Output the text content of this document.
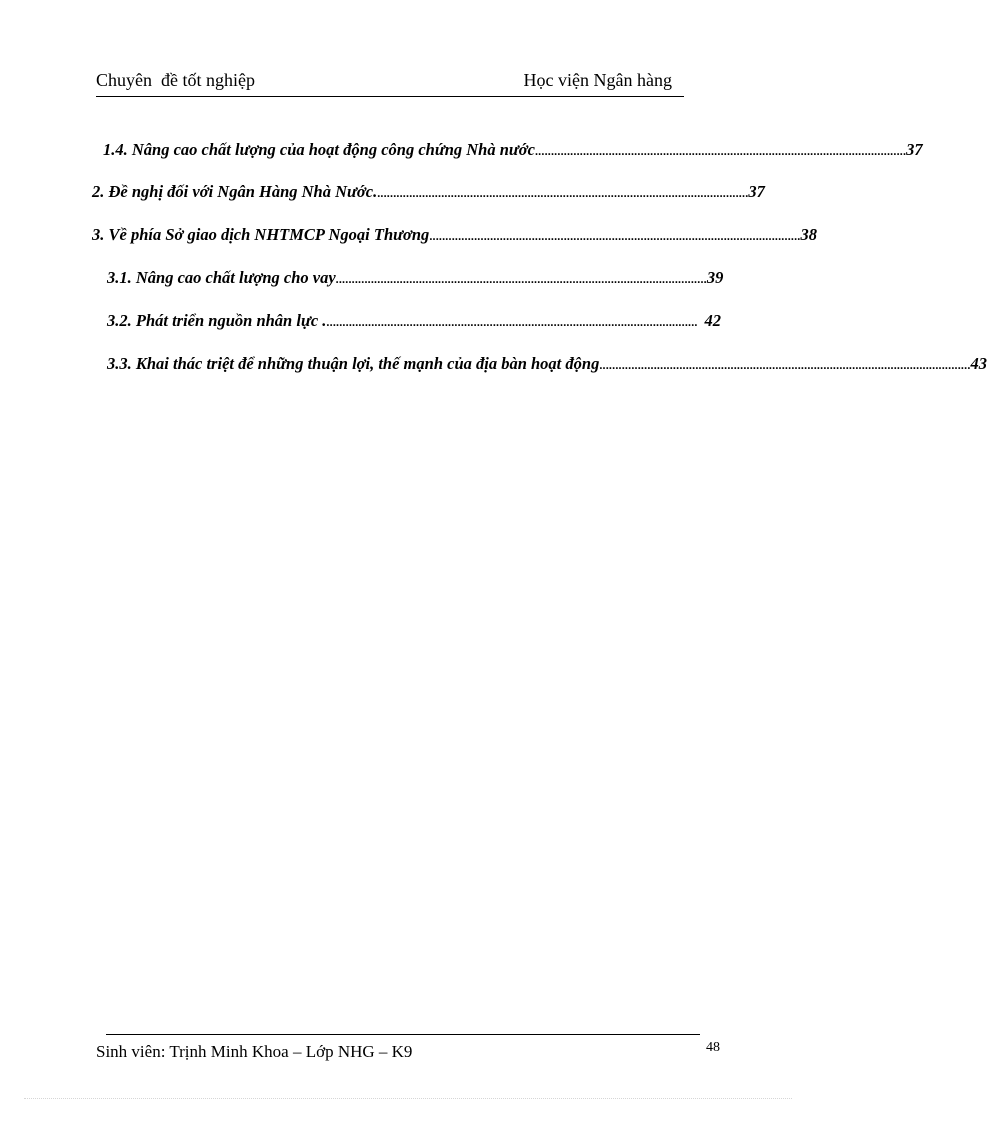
Chuyên  đề tốt nghiệp	Học viện Ngân hàng
1.4. Nâng cao chất lượng của hoạt động công chứng Nhà nước .................................................................................................................... 37
2. Đề nghị đối với Ngân Hàng Nhà Nước. .................................................................................................................... 37
3. Về phía Sở giao dịch NHTMCP Ngoại Thương .................................................................................................................... 38
3.1. Nâng cao chất lượng cho vay .................................................................................................................... 39
3.2. Phát triển nguồn nhân lực . .................................................................................................................... 42
3.3. Khai thác triệt để những thuận lợi, thế mạnh của địa bàn hoạt động .................................................................................................................... 43
Sinh viên: Trịnh Minh Khoa – Lớp NHG – K9	48
